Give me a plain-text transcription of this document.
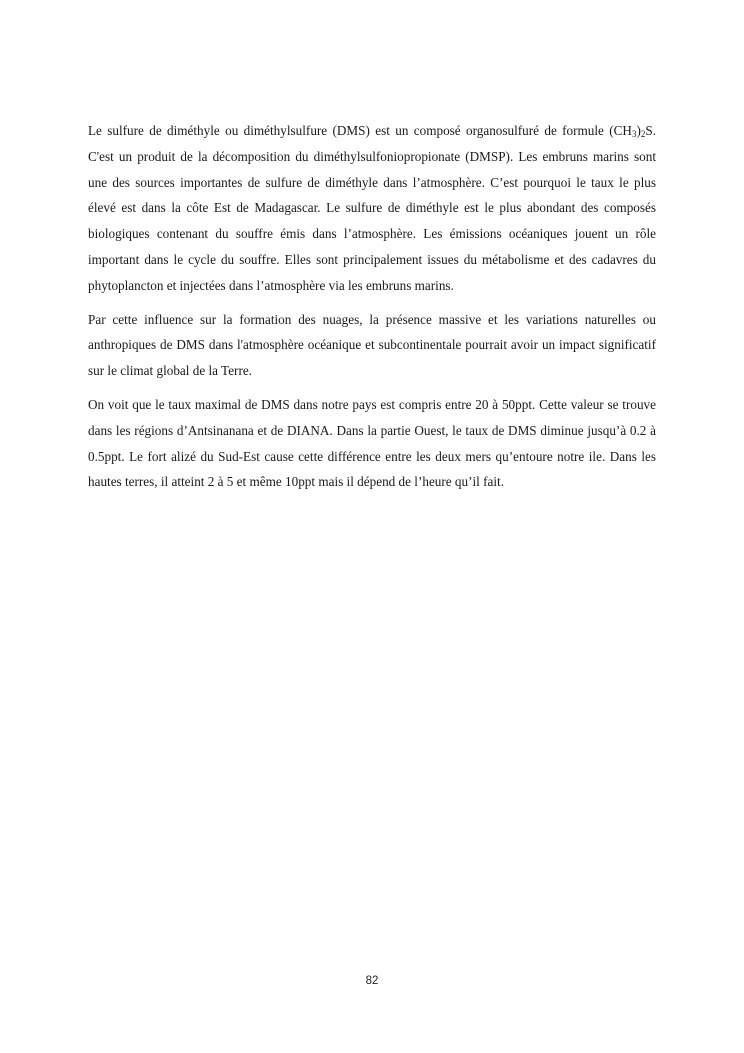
Le sulfure de diméthyle ou diméthylsulfure (DMS) est un composé organosulfuré de formule $(CH_3)_2S$. C'est un produit de la décomposition du diméthylsulfoniopropionate (DMSP). Les embruns marins sont une des sources importantes de sulfure de diméthyle dans l’atmosphère. C’est pourquoi le taux le plus élevé est dans la côte Est de Madagascar. Le sulfure de diméthyle est le plus abondant des composés biologiques contenant du souffre émis dans l’atmosphère. Les émissions océaniques jouent un rôle important dans le cycle du souffre. Elles sont principalement issues du métabolisme et des cadavres du phytoplancton et injectées dans l’atmosphère via les embruns marins.

Par cette influence sur la formation des nuages, la présence massive et les variations naturelles ou anthropiques de DMS dans l'atmosphère océanique et subcontinentale pourrait avoir un impact significatif sur le climat global de la Terre.

On voit que le taux maximal de DMS dans notre pays est compris entre 20 à 50ppt. Cette valeur se trouve dans les régions d’Antsinanana et de DIANA. Dans la partie Ouest, le taux de DMS diminue jusqu’à 0.2 à 0.5ppt. Le fort alizé du Sud-Est cause cette différence entre les deux mers qu’entoure notre ile. Dans les hautes terres, il atteint 2 à 5 et même 10ppt mais il dépend de l’heure qu’il fait.

82
